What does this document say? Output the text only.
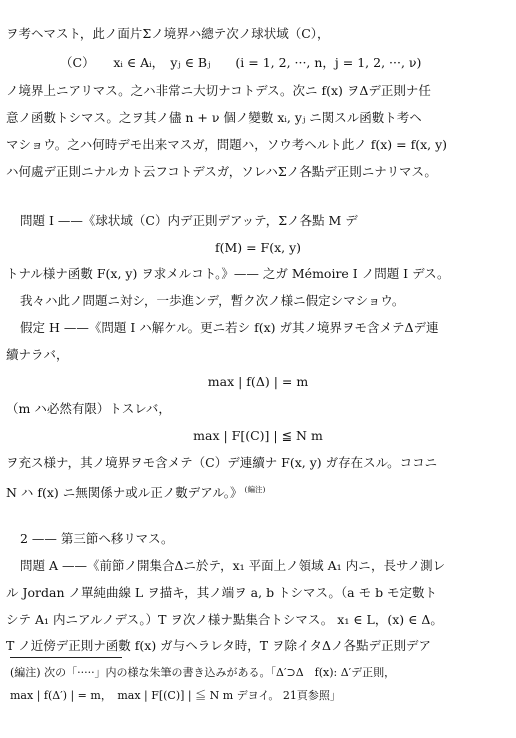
ヲ考ヘマスト，此ノ面片Σノ境界ハ總テ次ノ球状域（C），
（C）　　xᵢ ∈ Aᵢ，　yⱼ ∈ Bⱼ　　(i = 1, 2, ···, n，j = 1, 2, ···, ν)
ノ境界上ニアリマス。之ハ非常ニ大切ナコトデス。次ニ f(x) ヲΔデ正則ナ任
意ノ函數トシマス。之ヲ其ノ儘 n + ν 個ノ變數 xᵢ, yⱼ ニ関スル函數ト考ヘ
マショウ。之ハ何時デモ出来マスガ，問題ハ，ソウ考ヘルト此ノ f(x) = f(x, y)
ハ何處デ正則ニナルカト云フコトデスガ，ソレハΣノ各點デ正則ニナリマス。
問題 I ——《球状域（C）内デ正則デアッテ，Σノ各點 M デ
f(M) = F(x, y)
トナル様ナ函數 F(x, y) ヲ求メルコト。》—— 之ガ Mémoire I ノ問題 I デス。
我々ハ此ノ問題ニ対シ，一歩進ンデ，暫ク次ノ様ニ假定シマショウ。
假定 H ——《問題 I ハ解ケル。更ニ若シ f(x) ガ其ノ境界ヲモ含メテΔデ連
續ナラバ，
max | f(Δ) | = m
（m ハ必然有限）トスレバ，
max | F[(C)] | ≦ N m
ヲ充ス様ナ，其ノ境界ヲモ含メテ（C）デ連續ナ F(x, y) ガ存在スル。ココニ
N ハ f(x) ニ無関係ナ或ル正ノ數デアル。》 $^{(編注)}$
2 —— 第三節ヘ移リマス。
問題 A ——《前節ノ開集合Δニ於テ，x₁ 平面上ノ領域 A₁ 内ニ，長サノ測レ
ル Jordan ノ單純曲線 L ヲ描キ，其ノ端ヲ a, b トシマス。（a モ b モ定數ト
シテ A₁ 内ニアルノデス。）T ヲ次ノ様ナ點集合トシマス。 x₁ ∈ L，(x) ∈ Δ。
T ノ近傍デ正則ナ函數 f(x) ガ与ヘラレタ時，T ヲ除イタΔノ各點デ正則デア
(編注) 次の「·····」内の様な朱筆の書き込みがある。「Δ′⊃Δ　f(x): Δ′デ正則，
max | f(Δ′) | = m，　max | F[(C)] | ≦ N m デヨイ。 21頁参照」
